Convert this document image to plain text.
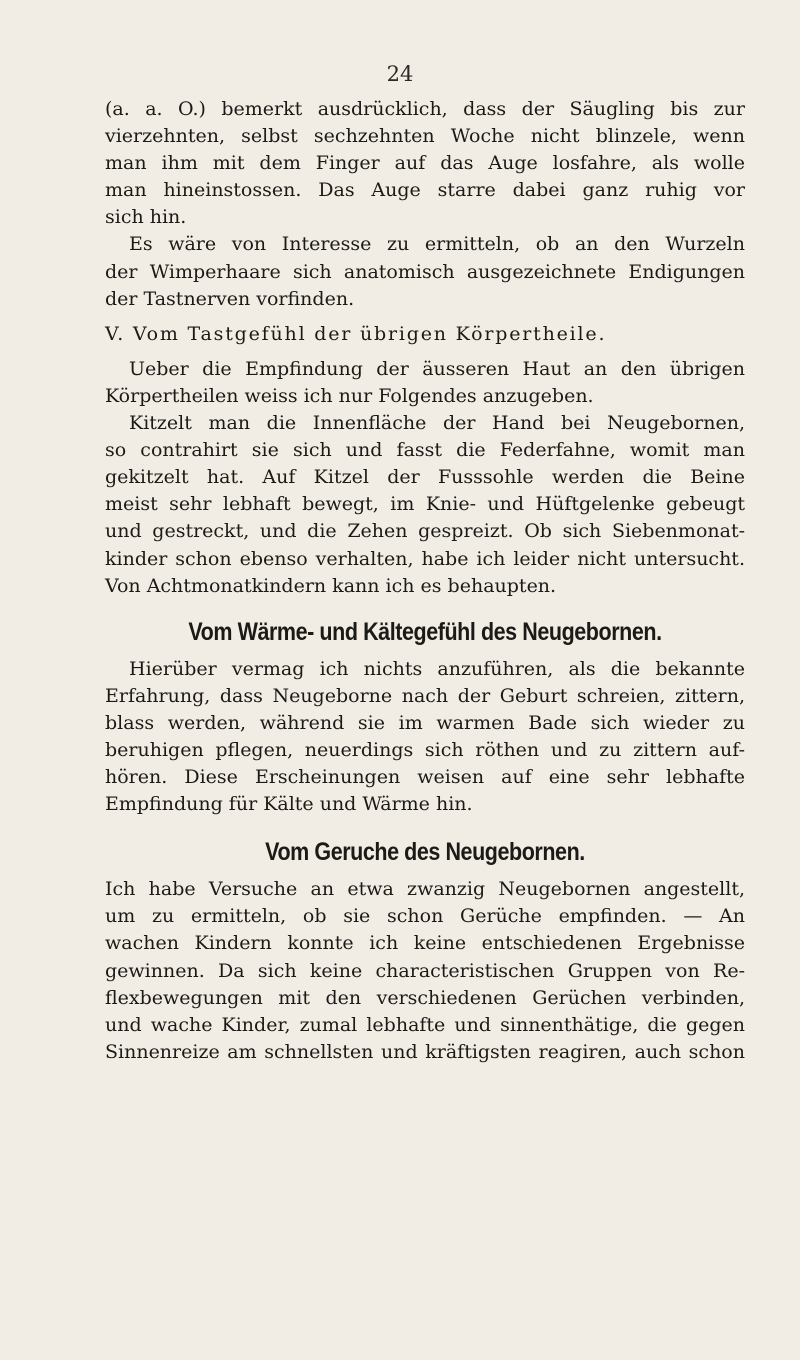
24
(a. a. O.) bemerkt ausdrücklich, dass der Säugling bis zur
vierzehnten, selbst sechzehnten Woche nicht blinzele, wenn
man ihm mit dem Finger auf das Auge losfahre, als wolle
man hineinstossen. Das Auge starre dabei ganz ruhig vor
sich hin.
Es wäre von Interesse zu ermitteln, ob an den Wurzeln
der Wimperhaare sich anatomisch ausgezeichnete Endigungen
der Tastnerven vorfinden.
V. Vom Tastgefühl der übrigen Körpertheile.
Ueber die Empfindung der äusseren Haut an den übrigen
Körpertheilen weiss ich nur Folgendes anzugeben.
Kitzelt man die Innenfläche der Hand bei Neugebornen,
so contrahirt sie sich und fasst die Federfahne, womit man
gekitzelt hat. Auf Kitzel der Fusssohle werden die Beine
meist sehr lebhaft bewegt, im Knie- und Hüftgelenke gebeugt
und gestreckt, und die Zehen gespreizt. Ob sich Siebenmonat-
kinder schon ebenso verhalten, habe ich leider nicht untersucht.
Von Achtmonatkindern kann ich es behaupten.
Vom Wärme- und Kältegefühl des Neugebornen.
Hierüber vermag ich nichts anzuführen, als die bekannte
Erfahrung, dass Neugeborne nach der Geburt schreien, zittern,
blass werden, während sie im warmen Bade sich wieder zu
beruhigen pflegen, neuerdings sich röthen und zu zittern auf-
hören. Diese Erscheinungen weisen auf eine sehr lebhafte
Empfindung für Kälte und Wärme hin.
Vom Geruche des Neugebornen.
Ich habe Versuche an etwa zwanzig Neugebornen angestellt,
um zu ermitteln, ob sie schon Gerüche empfinden. — An
wachen Kindern konnte ich keine entschiedenen Ergebnisse
gewinnen. Da sich keine characteristischen Gruppen von Re-
flexbewegungen mit den verschiedenen Gerüchen verbinden,
und wache Kinder, zumal lebhafte und sinnenthätige, die gegen
Sinnenreize am schnellsten und kräftigsten reagiren, auch schon
